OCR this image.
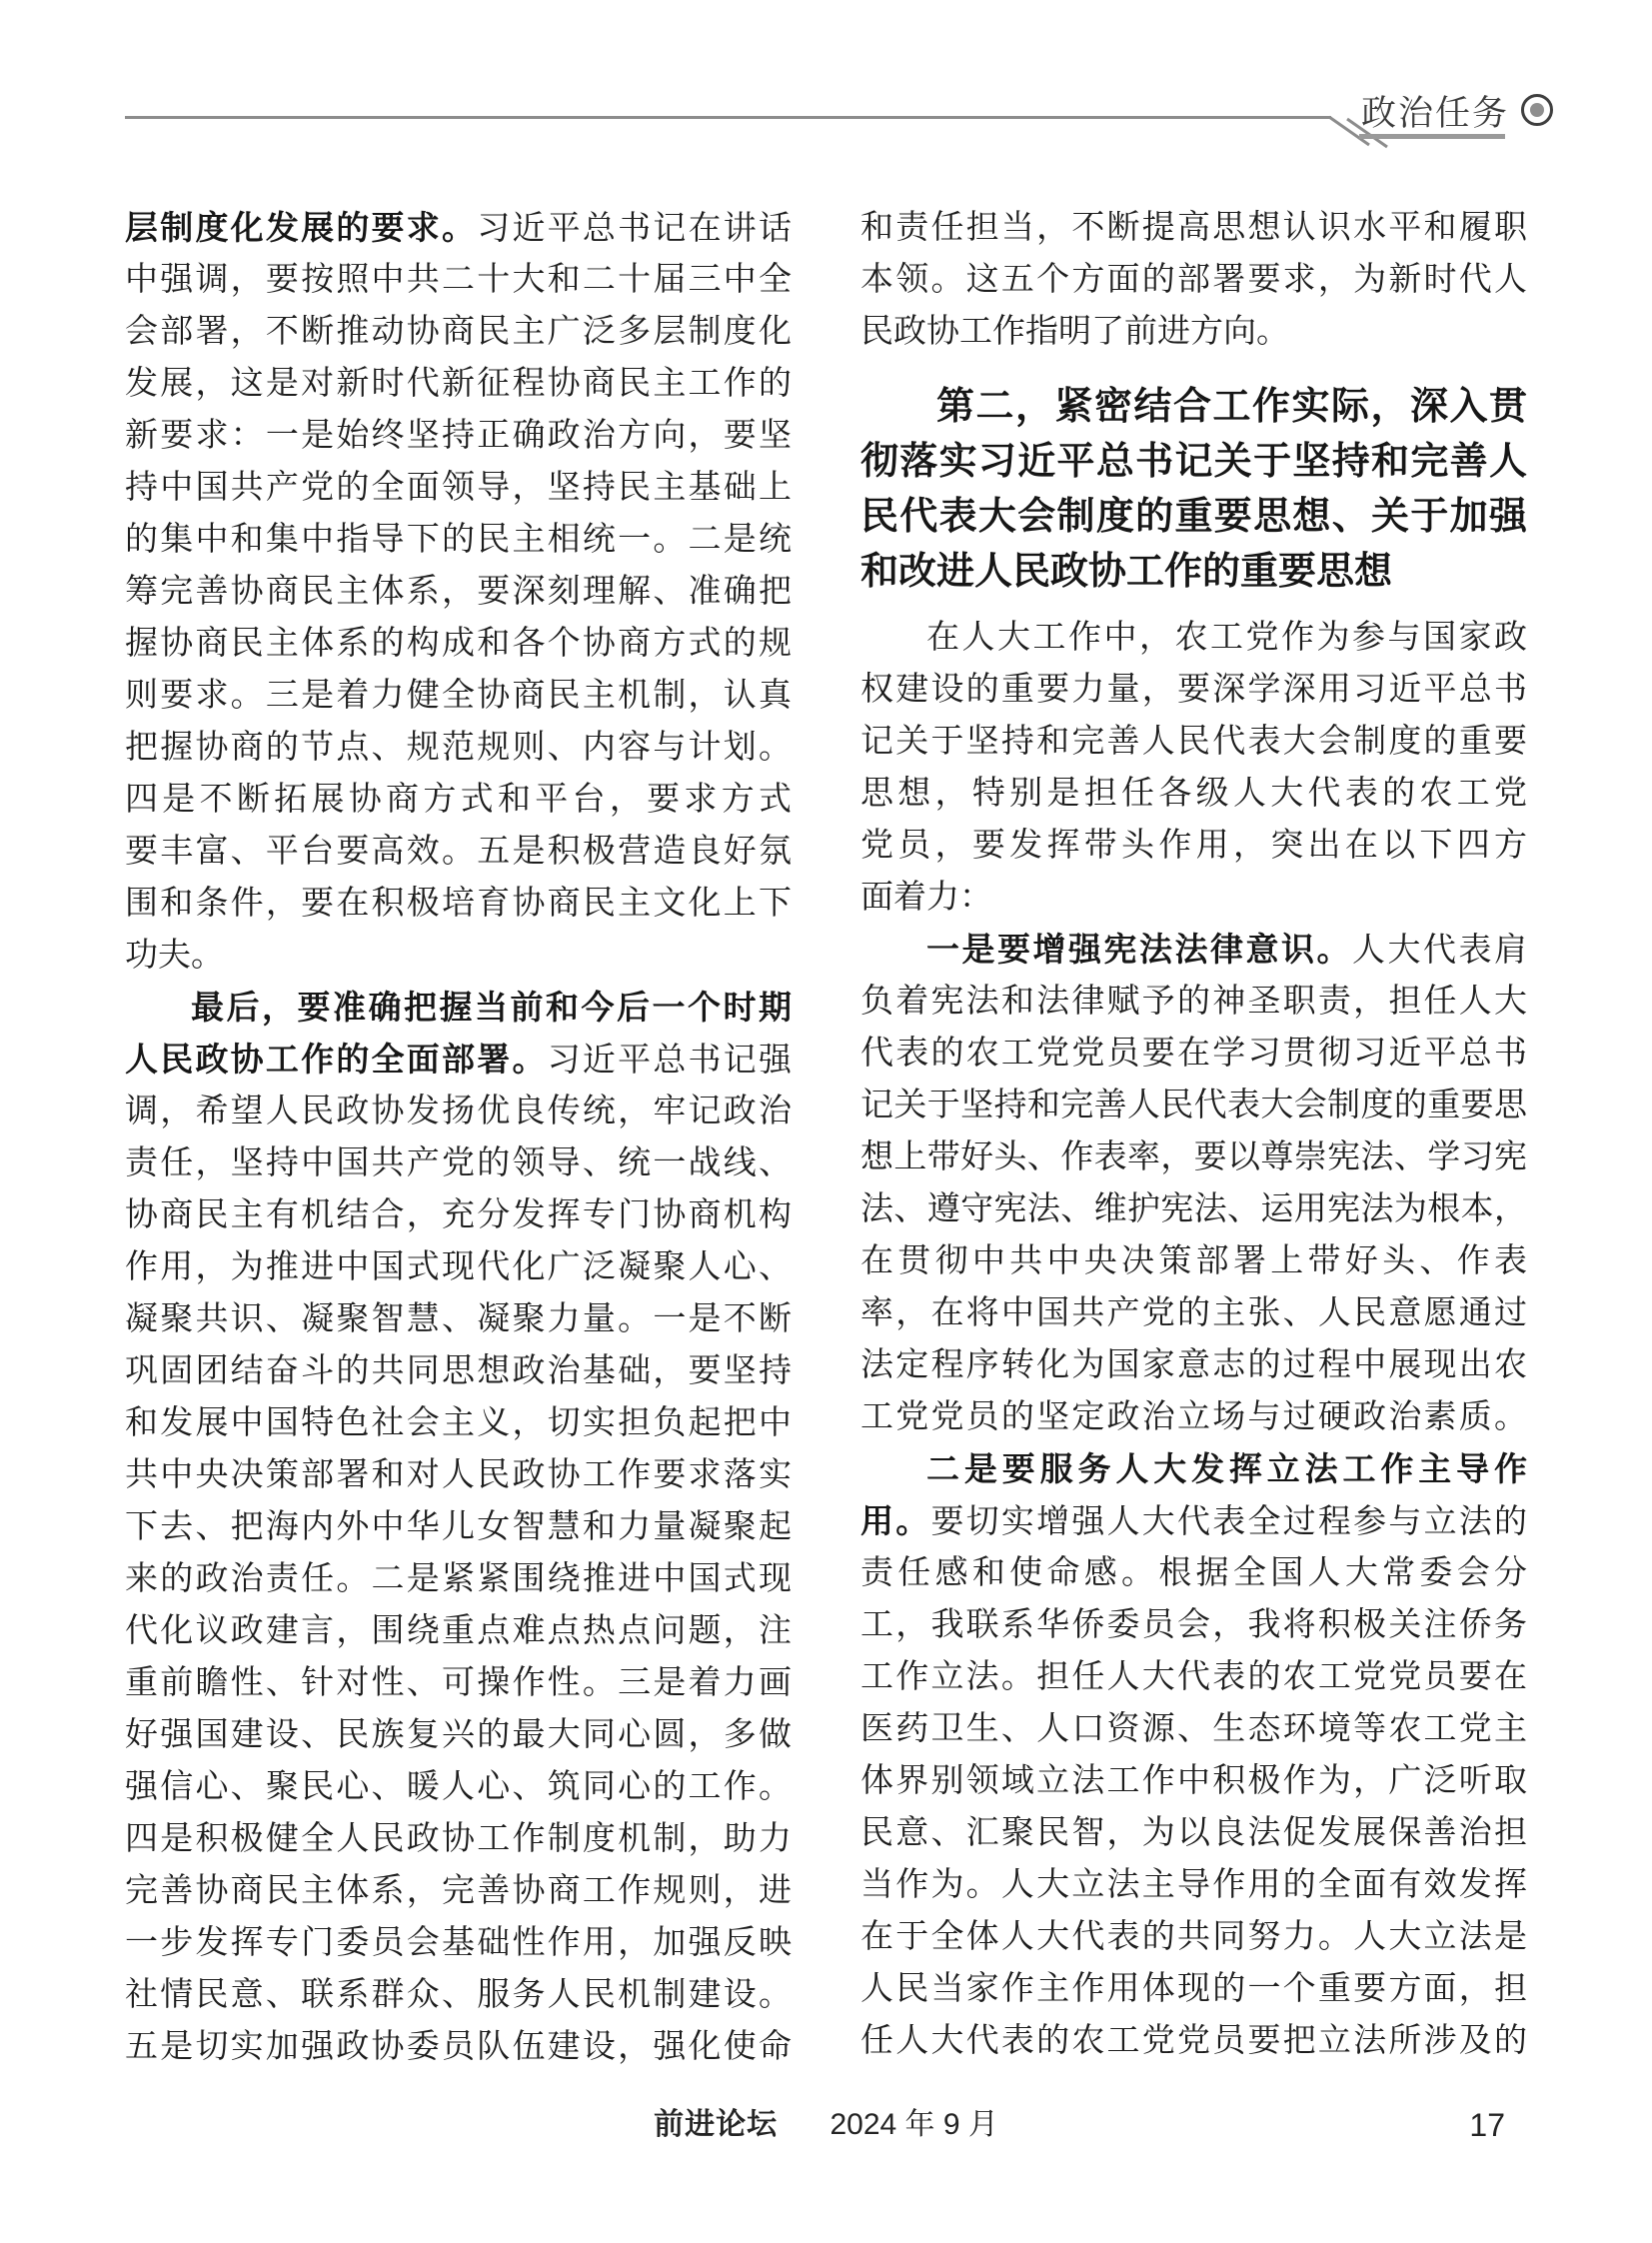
政治任务
层制度化发展的要求。习近平总书记在讲话
中强调，要按照中共二十大和二十届三中全
会部署，不断推动协商民主广泛多层制度化
发展，这是对新时代新征程协商民主工作的
新要求：一是始终坚持正确政治方向，要坚
持中国共产党的全面领导，坚持民主基础上
的集中和集中指导下的民主相统一。二是统
筹完善协商民主体系，要深刻理解、准确把
握协商民主体系的构成和各个协商方式的规
则要求。三是着力健全协商民主机制，认真
把握协商的节点、规范规则、内容与计划。
四是不断拓展协商方式和平台，要求方式
要丰富、平台要高效。五是积极营造良好氛
围和条件，要在积极培育协商民主文化上下
功夫。
最后，要准确把握当前和今后一个时期
人民政协工作的全面部署。习近平总书记强
调，希望人民政协发扬优良传统，牢记政治
责任，坚持中国共产党的领导、统一战线、
协商民主有机结合，充分发挥专门协商机构
作用，为推进中国式现代化广泛凝聚人心、
凝聚共识、凝聚智慧、凝聚力量。一是不断
巩固团结奋斗的共同思想政治基础，要坚持
和发展中国特色社会主义，切实担负起把中
共中央决策部署和对人民政协工作要求落实
下去、把海内外中华儿女智慧和力量凝聚起
来的政治责任。二是紧紧围绕推进中国式现
代化议政建言，围绕重点难点热点问题，注
重前瞻性、针对性、可操作性。三是着力画
好强国建设、民族复兴的最大同心圆，多做
强信心、聚民心、暖人心、筑同心的工作。
四是积极健全人民政协工作制度机制，助力
完善协商民主体系，完善协商工作规则，进
一步发挥专门委员会基础性作用，加强反映
社情民意、联系群众、服务人民机制建设。
五是切实加强政协委员队伍建设，强化使命
和责任担当，不断提高思想认识水平和履职
本领。这五个方面的部署要求，为新时代人
民政协工作指明了前进方向。
第二，紧密结合工作实际，深入贯
彻落实习近平总书记关于坚持和完善人
民代表大会制度的重要思想、关于加强
和改进人民政协工作的重要思想
在人大工作中，农工党作为参与国家政
权建设的重要力量，要深学深用习近平总书
记关于坚持和完善人民代表大会制度的重要
思想，特别是担任各级人大代表的农工党
党员，要发挥带头作用，突出在以下四方
面着力：
一是要增强宪法法律意识。人大代表肩
负着宪法和法律赋予的神圣职责，担任人大
代表的农工党党员要在学习贯彻习近平总书
记关于坚持和完善人民代表大会制度的重要思
想上带好头、作表率，要以尊崇宪法、学习宪
法、遵守宪法、维护宪法、运用宪法为根本，
在贯彻中共中央决策部署上带好头、作表
率，在将中国共产党的主张、人民意愿通过
法定程序转化为国家意志的过程中展现出农
工党党员的坚定政治立场与过硬政治素质。
二是要服务人大发挥立法工作主导作
用。要切实增强人大代表全过程参与立法的
责任感和使命感。根据全国人大常委会分
工，我联系华侨委员会，我将积极关注侨务
工作立法。担任人大代表的农工党党员要在
医药卫生、人口资源、生态环境等农工党主
体界别领域立法工作中积极作为，广泛听取
民意、汇聚民智，为以良法促发展保善治担
当作为。人大立法主导作用的全面有效发挥
在于全体人大代表的共同努力。人大立法是
人民当家作主作用体现的一个重要方面，担
任人大代表的农工党党员要把立法所涉及的
前进论坛 2024 年 9 月	17
